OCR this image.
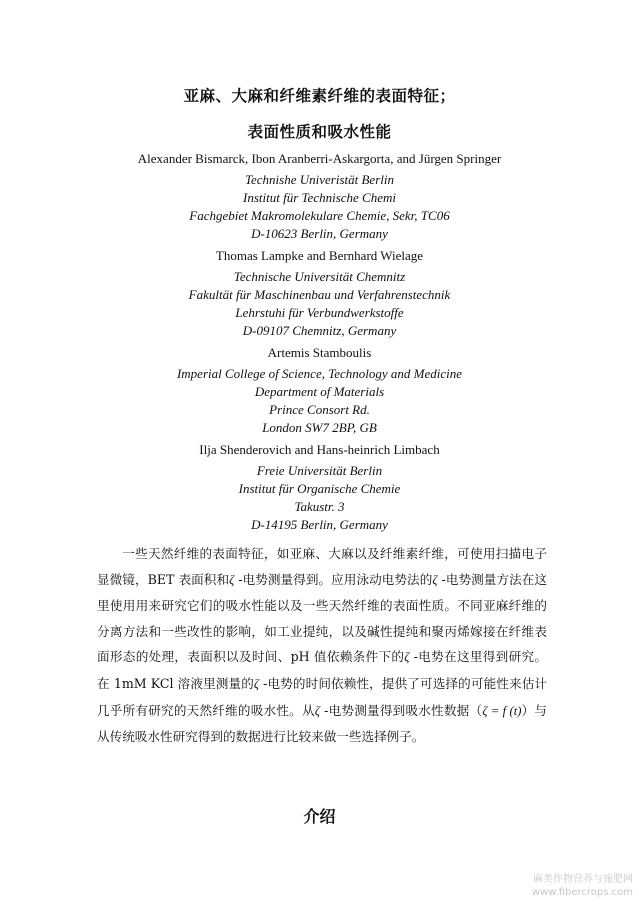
亚麻、大麻和纤维素纤维的表面特征；
表面性质和吸水性能
Alexander Bismarck, Ibon Aranberri-Askargorta, and Jürgen Springer
Technishe Univeristät Berlin
Institut für Technische Chemi
Fachgebiet Makromolekulare Chemie, Sekr, TC06
D-10623 Berlin, Germany
Thomas Lampke and Bernhard Wielage
Technische Universität Chemnitz
Fakultät für Maschinenbau und Verfahrenstechnik
Lehrstuhi für Verbundwerkstoffe
D-09107 Chemnitz, Germany
Artemis Stamboulis
Imperial College of Science, Technology and Medicine
Department of Materials
Prince Consort Rd.
London SW7 2BP, GB
Ilja Shenderovich and Hans-heinrich Limbach
Freie Universität Berlin
Institut für Organische Chemie
Takustr. 3
D-14195 Berlin, Germany
一些天然纤维的表面特征，如亚麻、大麻以及纤维素纤维，可使用扫描电子显微镜，BET 表面积和ζ -电势测量得到。应用泳动电势法的ζ -电势测量方法在这里使用用来研究它们的吸水性能以及一些天然纤维的表面性质。不同亚麻纤维的分离方法和一些改性的影响，如工业提纯，以及碱性提纯和聚丙烯嫁接在纤维表面形态的处理，表面积以及时间、pH 值依赖条件下的ζ -电势在这里得到研究。在 1mM KCl 溶液里测量的ζ -电势的时间依赖性，提供了可选择的可能性来估计几乎所有研究的天然纤维的吸水性。从ζ -电势测量得到吸水性数据（ζ = f (t)）与从传统吸水性研究得到的数据进行比较来做一些选择例子。
介绍
麻类作物营养与施肥网
www.fibercrops.com
